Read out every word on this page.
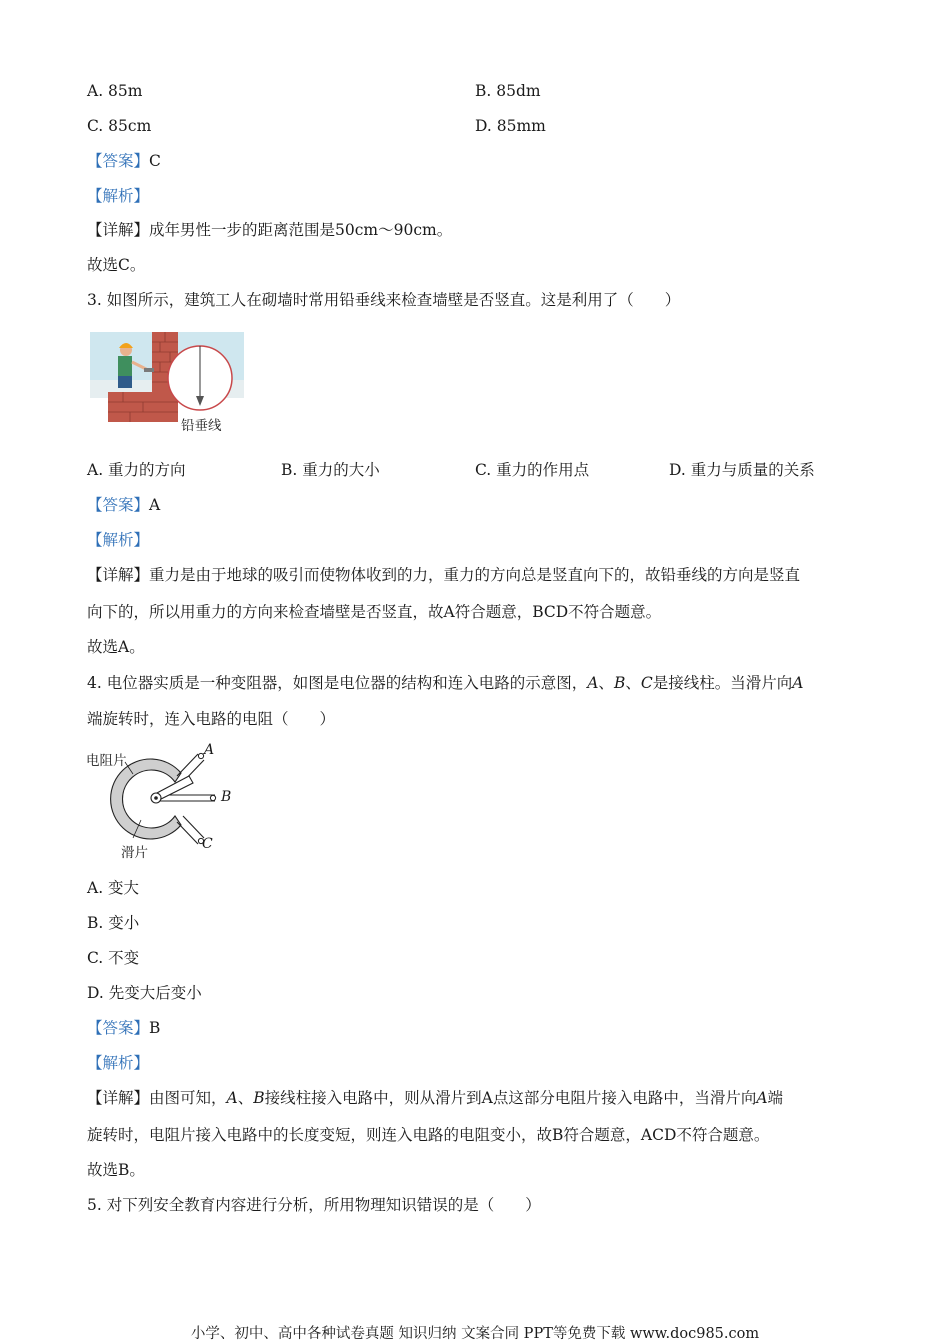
A. 85m	B. 85dm
C. 85cm	D. 85mm
【答案】C
【解析】
【详解】成年男性一步的距离范围是50cm～90cm。
故选C。
3. 如图所示，建筑工人在砌墙时常用铅垂线来检查墙壁是否竖直。这是利用了（　　）
铅垂线
A. 重力的方向	B. 重力的大小	C. 重力的作用点	D. 重力与质量的关系
【答案】A
【解析】
【详解】重力是由于地球的吸引而使物体收到的力，重力的方向总是竖直向下的，故铅垂线的方向是竖直
向下的，所以用重力的方向来检查墙壁是否竖直，故A符合题意，BCD不符合题意。
故选A。
4. 电位器实质是一种变阻器，如图是电位器的结构和连入电路的示意图，A、B、C是接线柱。当滑片向A
端旋转时，连入电路的电阻（　　）
电阻片
滑片
A
B
C
A. 变大
B. 变小
C. 不变
D. 先变大后变小
【答案】B
【解析】
【详解】由图可知，A、B接线柱接入电路中，则从滑片到A点这部分电阻片接入电路中，当滑片向A端
旋转时，电阻片接入电路中的长度变短，则连入电路的电阻变小，故B符合题意，ACD不符合题意。
故选B。
5. 对下列安全教育内容进行分析，所用物理知识错误的是（　　）
小学、初中、高中各种试卷真题 知识归纳 文案合同 PPT等免费下载 www.doc985.com
